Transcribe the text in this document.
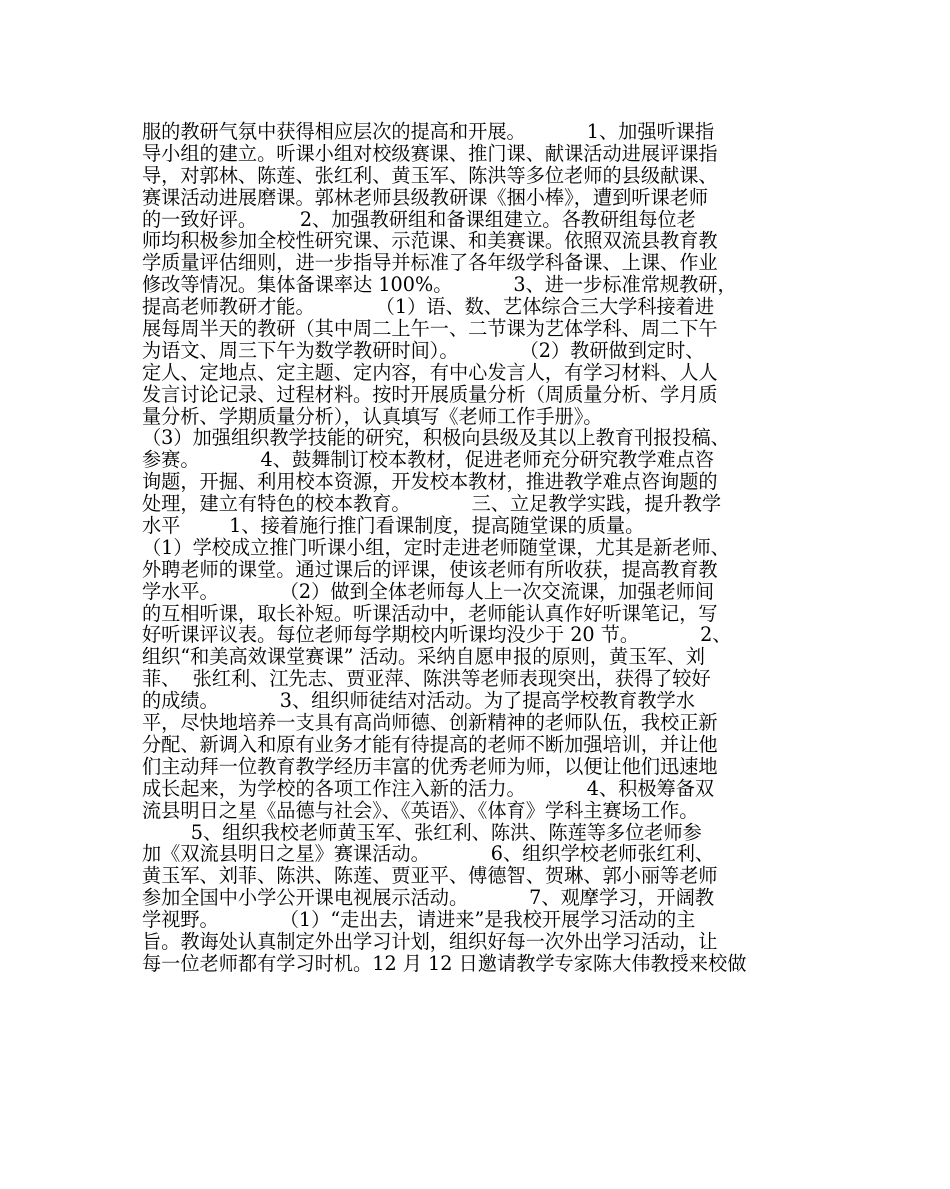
服的教研气氛中获得相应层次的提高和开展。          1、加强听课指
导小组的建立。听课小组对校级赛课、推门课、献课活动进展评课指
导，对郭林、陈莲、张红利、黄玉军、陈洪等多位老师的县级献课、
赛课活动进展磨课。郭林老师县级教研课《捆小棒》，遭到听课老师
的一致好评。       2、加强教研组和备课组建立。各教研组每位老
师均积极参加全校性研究课、示范课、和美赛课。依照双流县教育教
学质量评估细则，进一步指导并标准了各年级学科备课、上课、作业
修改等情况。集体备课率达 100%。          3、进一步标准常规教研，
提高老师教研才能。          （1）语、数、艺体综合三大学科接着进
展每周半天的教研（其中周二上午一、二节课为艺体学科、周二下午
为语文、周三下午为数学教研时间）。          （2）教研做到定时、
定人、定地点、定主题、定内容，有中心发言人，有学习材料、人人
发言讨论记录、过程材料。按时开展质量分析（周质量分析、学月质
量分析、学期质量分析），认真填写《老师工作手册》。
（3）加强组织教学技能的研究，积极向县级及其以上教育刊报投稿、
参赛。          4、鼓舞制订校本教材，促进老师充分研究教学难点咨
询题，开掘、利用校本资源，开发校本教材，推进教学难点咨询题的
处理，建立有特色的校本教育。          三、立足教学实践，提升教学
水平        1、接着施行推门看课制度，提高随堂课的质量。
（1）学校成立推门听课小组，定时走进老师随堂课，尤其是新老师、
外聘老师的课堂。通过课后的评课，使该老师有所收获，提高教育教
学水平。          （2）做到全体老师每人上一次交流课，加强老师间
的互相听课，取长补短。听课活动中，老师能认真作好听课笔记，写
好听课评议表。每位老师每学期校内听课均没少于 20 节。          2、
组织“和美高效课堂赛课” 活动。采纳自愿申报的原则，黄玉军、刘
菲、  张红利、江先志、贾亚萍、陈洪等老师表现突出，获得了较好
的成绩。          3、组织师徒结对活动。为了提高学校教育教学水
平，尽快地培养一支具有高尚师德、创新精神的老师队伍，我校正新
分配、新调入和原有业务才能有待提高的老师不断加强培训，并让他
们主动拜一位教育教学经历丰富的优秀老师为师，以便让他们迅速地
成长起来，为学校的各项工作注入新的活力。          4、积极筹备双
流县明日之星《品德与社会》、《英语》、《体育》学科主赛场工作。
5、组织我校老师黄玉军、张红利、陈洪、陈莲等多位老师参
加《双流县明日之星》赛课活动。          6、组织学校老师张红利、
黄玉军、刘菲、陈洪、陈莲、贾亚平、傅德智、贺琳、郭小丽等老师
参加全国中小学公开课电视展示活动。          7、观摩学习，开阔教
学视野。          （1）“走出去，请进来”是我校开展学习活动的主
旨。教诲处认真制定外出学习计划，组织好每一次外出学习活动，让
每一位老师都有学习时机。12 月 12 日邀请教学专家陈大伟教授来校做
